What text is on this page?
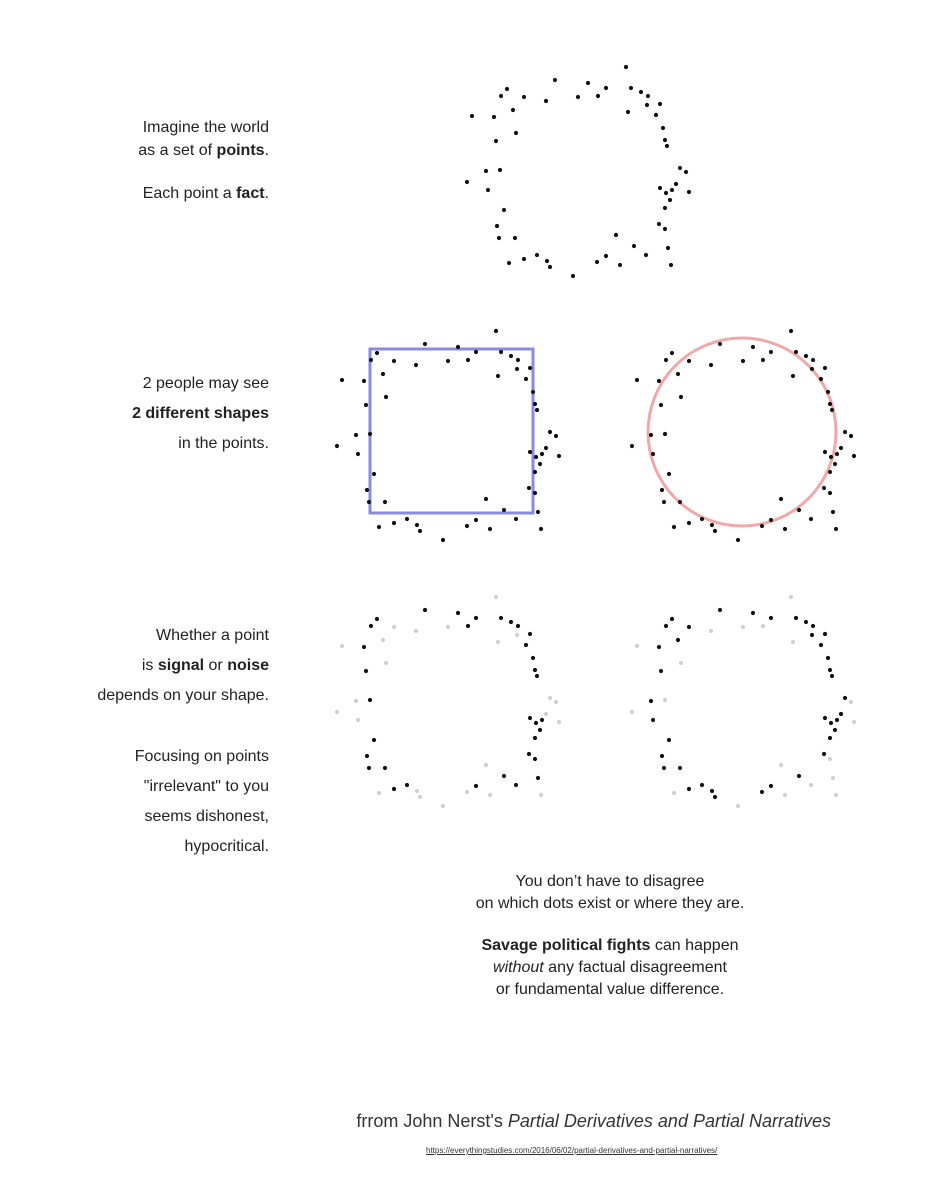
Imagine the world
as a set of points.
Each point a fact.
2 people may see
2 different shapes
in the points.
Whether a point
is signal or noise
depends on your shape.
Focusing on points
"irrelevant" to you
seems dishonest,
hypocritical.
You don’t have to disagree
on which dots exist or where they are.
Savage political fights can happen
without any factual disagreement
or fundamental value difference.
frrom John Nerst's Partial Derivatives and Partial Narratives
https://everythingstudies.com/2016/06/02/partial-derivatives-and-partial-narratives/
